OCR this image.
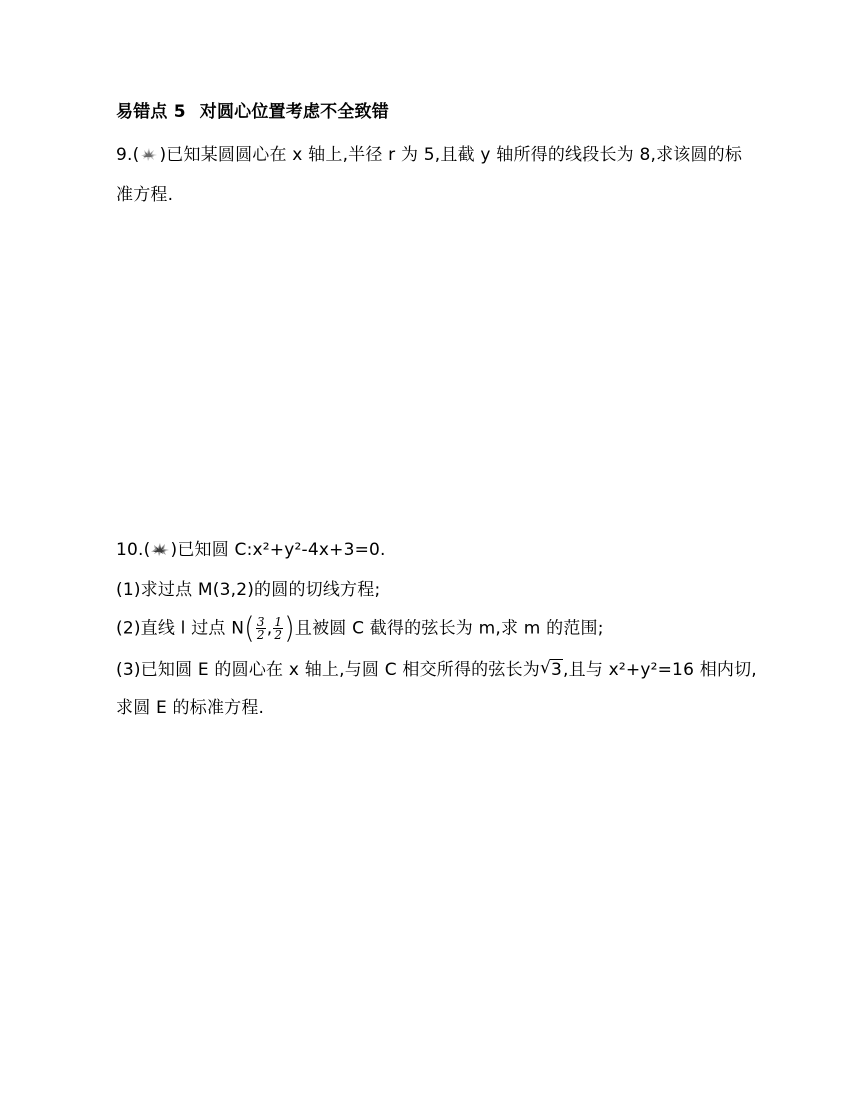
易错点 5 对圆心位置考虑不全致错
9.( )已知某圆圆心在 x 轴上,半径 r 为 5,且截 y 轴所得的线段长为 8,求该圆的标
准方程.
10.( )已知圆 C:x²+y²-4x+3=0.
(1)求过点 M(3,2)的圆的切线方程;
(2)直线 l 过点 $N( \frac{3}{2}$ , $\frac{1}{2}$ )且被圆 C 截得的弦长为 m,求 m 的范围;
(3)已知圆 E 的圆心在 x 轴上,与圆 C 相交所得的弦长为 √ 3,且与 x²+y²=16 相内切,
求圆 E 的标准方程.
